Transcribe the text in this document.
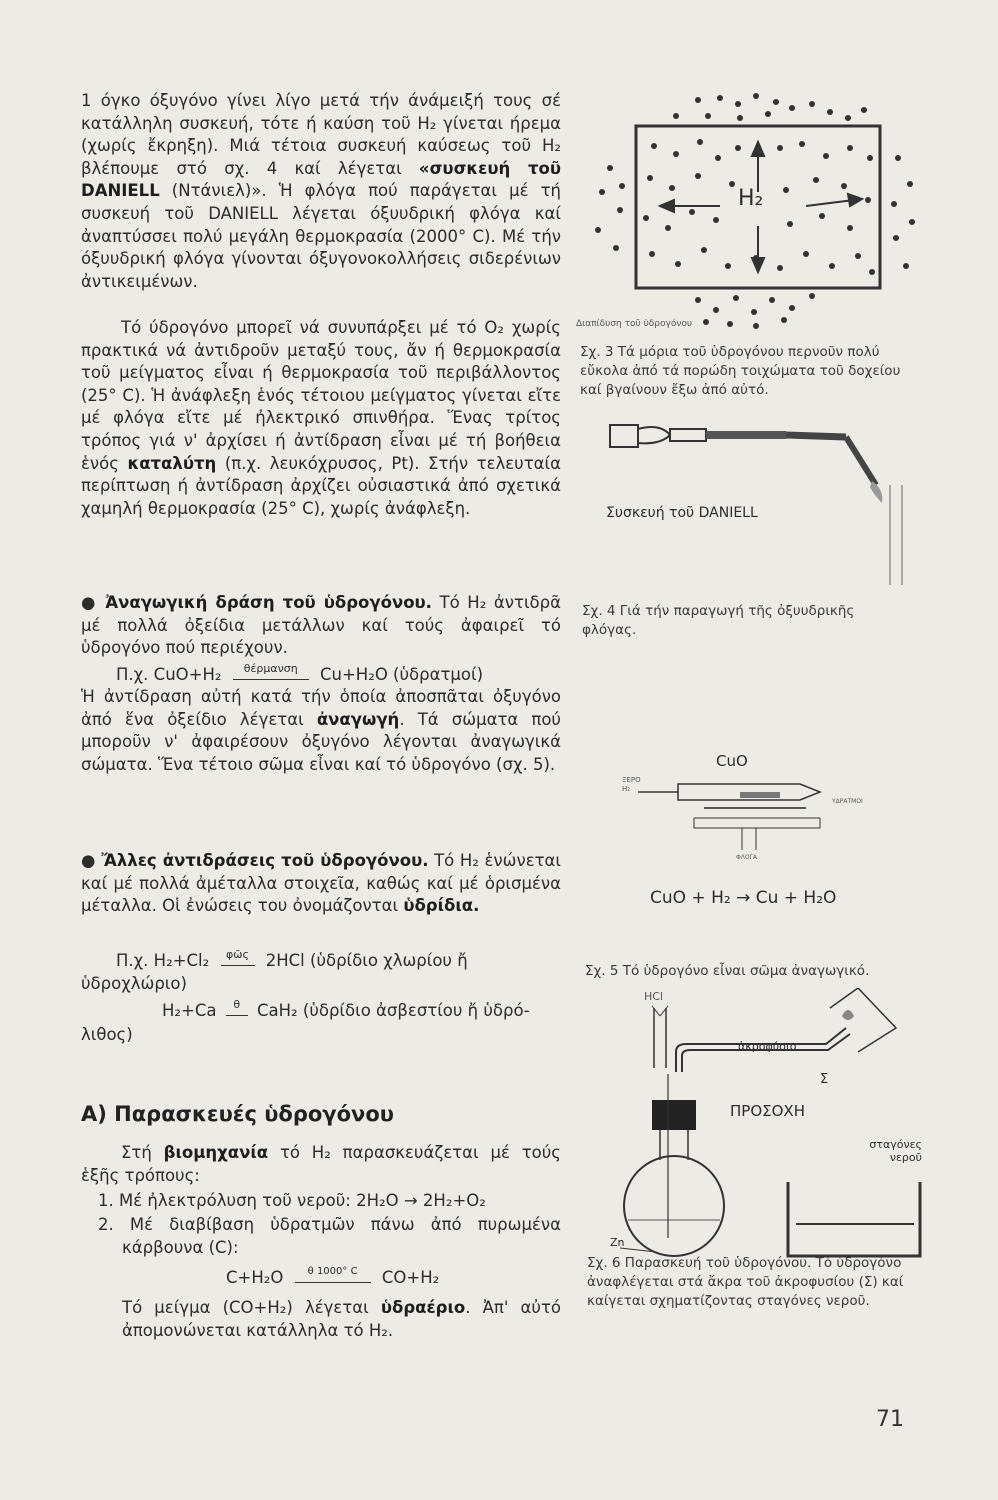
1 όγκο όξυγόνο γίνει λίγο μετά τήν άνάμειξή τους σέ κατάλληλη συσκευή, τότε ή καύση τοῦ H₂ γίνεται ήρεμα (χωρίς ἔκρηξη). Μιά τέτοια συσκευή καύσεως τοῦ H₂ βλέπουμε στό σχ. 4 καί λέγεται «συσκευή τοῦ DANIELL (Ντάνιελ)». Ἡ φλόγα πού παράγεται μέ τή συσκευή τοῦ DANIELL λέγεται όξυυδρική φλόγα καί ἀναπτύσσει πολύ μεγάλη θερμοκρασία (2000° C). Μέ τήν όξυυδρική φλόγα γίνονται όξυγονοκολλήσεις σιδερένιων ἀντικειμένων.

Τό ύδρογόνο μπορεῖ νά συνυπάρξει μέ τό O₂ χωρίς πρακτικά νά ἀντιδροῦν μεταξύ τους, ἄν ή θερμοκρασία τοῦ μείγματος εἶναι ή θερμοκρασία τοῦ περιβάλλοντος (25° C). Ἡ ἀνάφλεξη ἑνός τέτοιου μείγματος γίνεται εἴτε μέ φλόγα εἴτε μέ ἠλεκτρικό σπινθήρα. Ἕνας τρίτος τρόπος γιά ν' ἀρχίσει ή ἀντίδραση εἶναι μέ τή βοήθεια ἑνός καταλύτη (π.χ. λευκόχρυσος, Pt). Στήν τελευταία περίπτωση ή ἀντίδραση ἀρχίζει οὐσιαστικά ἀπό σχετικά χαμηλή θερμοκρασία (25° C), χωρίς ἀνάφλεξη.

● Ἀναγωγική δράση τοῦ ὑδρογόνου. Τό H₂ ἀντιδρᾶ μέ πολλά ὀξείδια μετάλλων καί τούς ἀφαιρεῖ τό ὑδρογόνο πού περιέχουν.

Π.χ. CuO+H₂	θέρμανση	Cu+H₂O (ὑδρατμοί)

Ἡ ἀντίδραση αὐτή κατά τήν ὁποία ἀποσπᾶται ὀξυγόνο ἀπό ἕνα ὀξείδιο λέγεται ἀναγωγή. Τά σώματα πού μποροῦν ν' ἀφαιρέσουν ὀξυγόνο λέγονται ἀναγωγικά σώματα. Ἕνα τέτοιο σῶμα εἶναι καί τό ὑδρογόνο (σχ. 5).

● Ἄλλες ἀντιδράσεις τοῦ ὑδρογόνου. Τό H₂ ἑνώνεται καί μέ πολλά ἀμέταλλα στοιχεῖα, καθώς καί μέ ὁρισμένα μέταλλα. Οἱ ἐνώσεις του ὀνομάζονται ὑδρίδια.

Π.χ. H₂+Cl₂	φῶς	2HCl (ὑδρίδιο χλωρίου ἤ
ὑδροχλώριο)
H₂+Ca	θ	CaH₂ (ὑδρίδιο ἀσβεστίου ἤ ὑδρό-
λιθος)

Α) Παρασκευές ὑδρογόνου

Στή βιομηχανία τό H₂ παρασκευάζεται μέ τούς ἑξῆς τρόπους:

1. Μέ ἠλεκτρόλυση τοῦ νεροῦ: 2H₂O → 2H₂+O₂

2. Μέ διαβίβαση ὑδρατμῶν πάνω ἀπό πυρωμένα κάρβουνα (C):

C+H₂O	θ 1000° C	CO+H₂

Τό μείγμα (CO+H₂) λέγεται ὑδραέριο. Ἀπ' αὐτό ἀπομονώνεται κατάλληλα τό H₂.

H₂
Διαπίδυση τοῦ ὑδρογόνου

Σχ. 3 Τά μόρια τοῦ ὑδρογόνου περνοῦν πολύ εὔκολα ἀπό τά πορώδη τοιχώματα τοῦ δοχείου καί βγαίνουν ἔξω ἀπό αὐτό.

Συσκευή τοῦ DANIELL

Σχ. 4 Γιά τήν παραγωγή τῆς ὀξυυδρικῆς φλόγας.

CuO
ΞΕΡΟ
H₂
ΥΔΡΑΤΜΟΙ
ΦΛΟΓΑ
CuO + H₂ → Cu + H₂O

Σχ. 5 Τό ὑδρογόνο εἶναι σῶμα ἀναγωγικό.

HCl
ἀκροφύσιο
Σ
ΠΡΟΣΟΧΗ
σταγόνες νεροῦ
Zn

Σχ. 6 Παρασκευή τοῦ ὑδρογόνου. Τό ὑδρογόνο ἀναφλέγεται στά ἄκρα τοῦ ἀκροφυσίου (Σ) καί καίγεται σχηματίζοντας σταγόνες νεροῦ.

71
